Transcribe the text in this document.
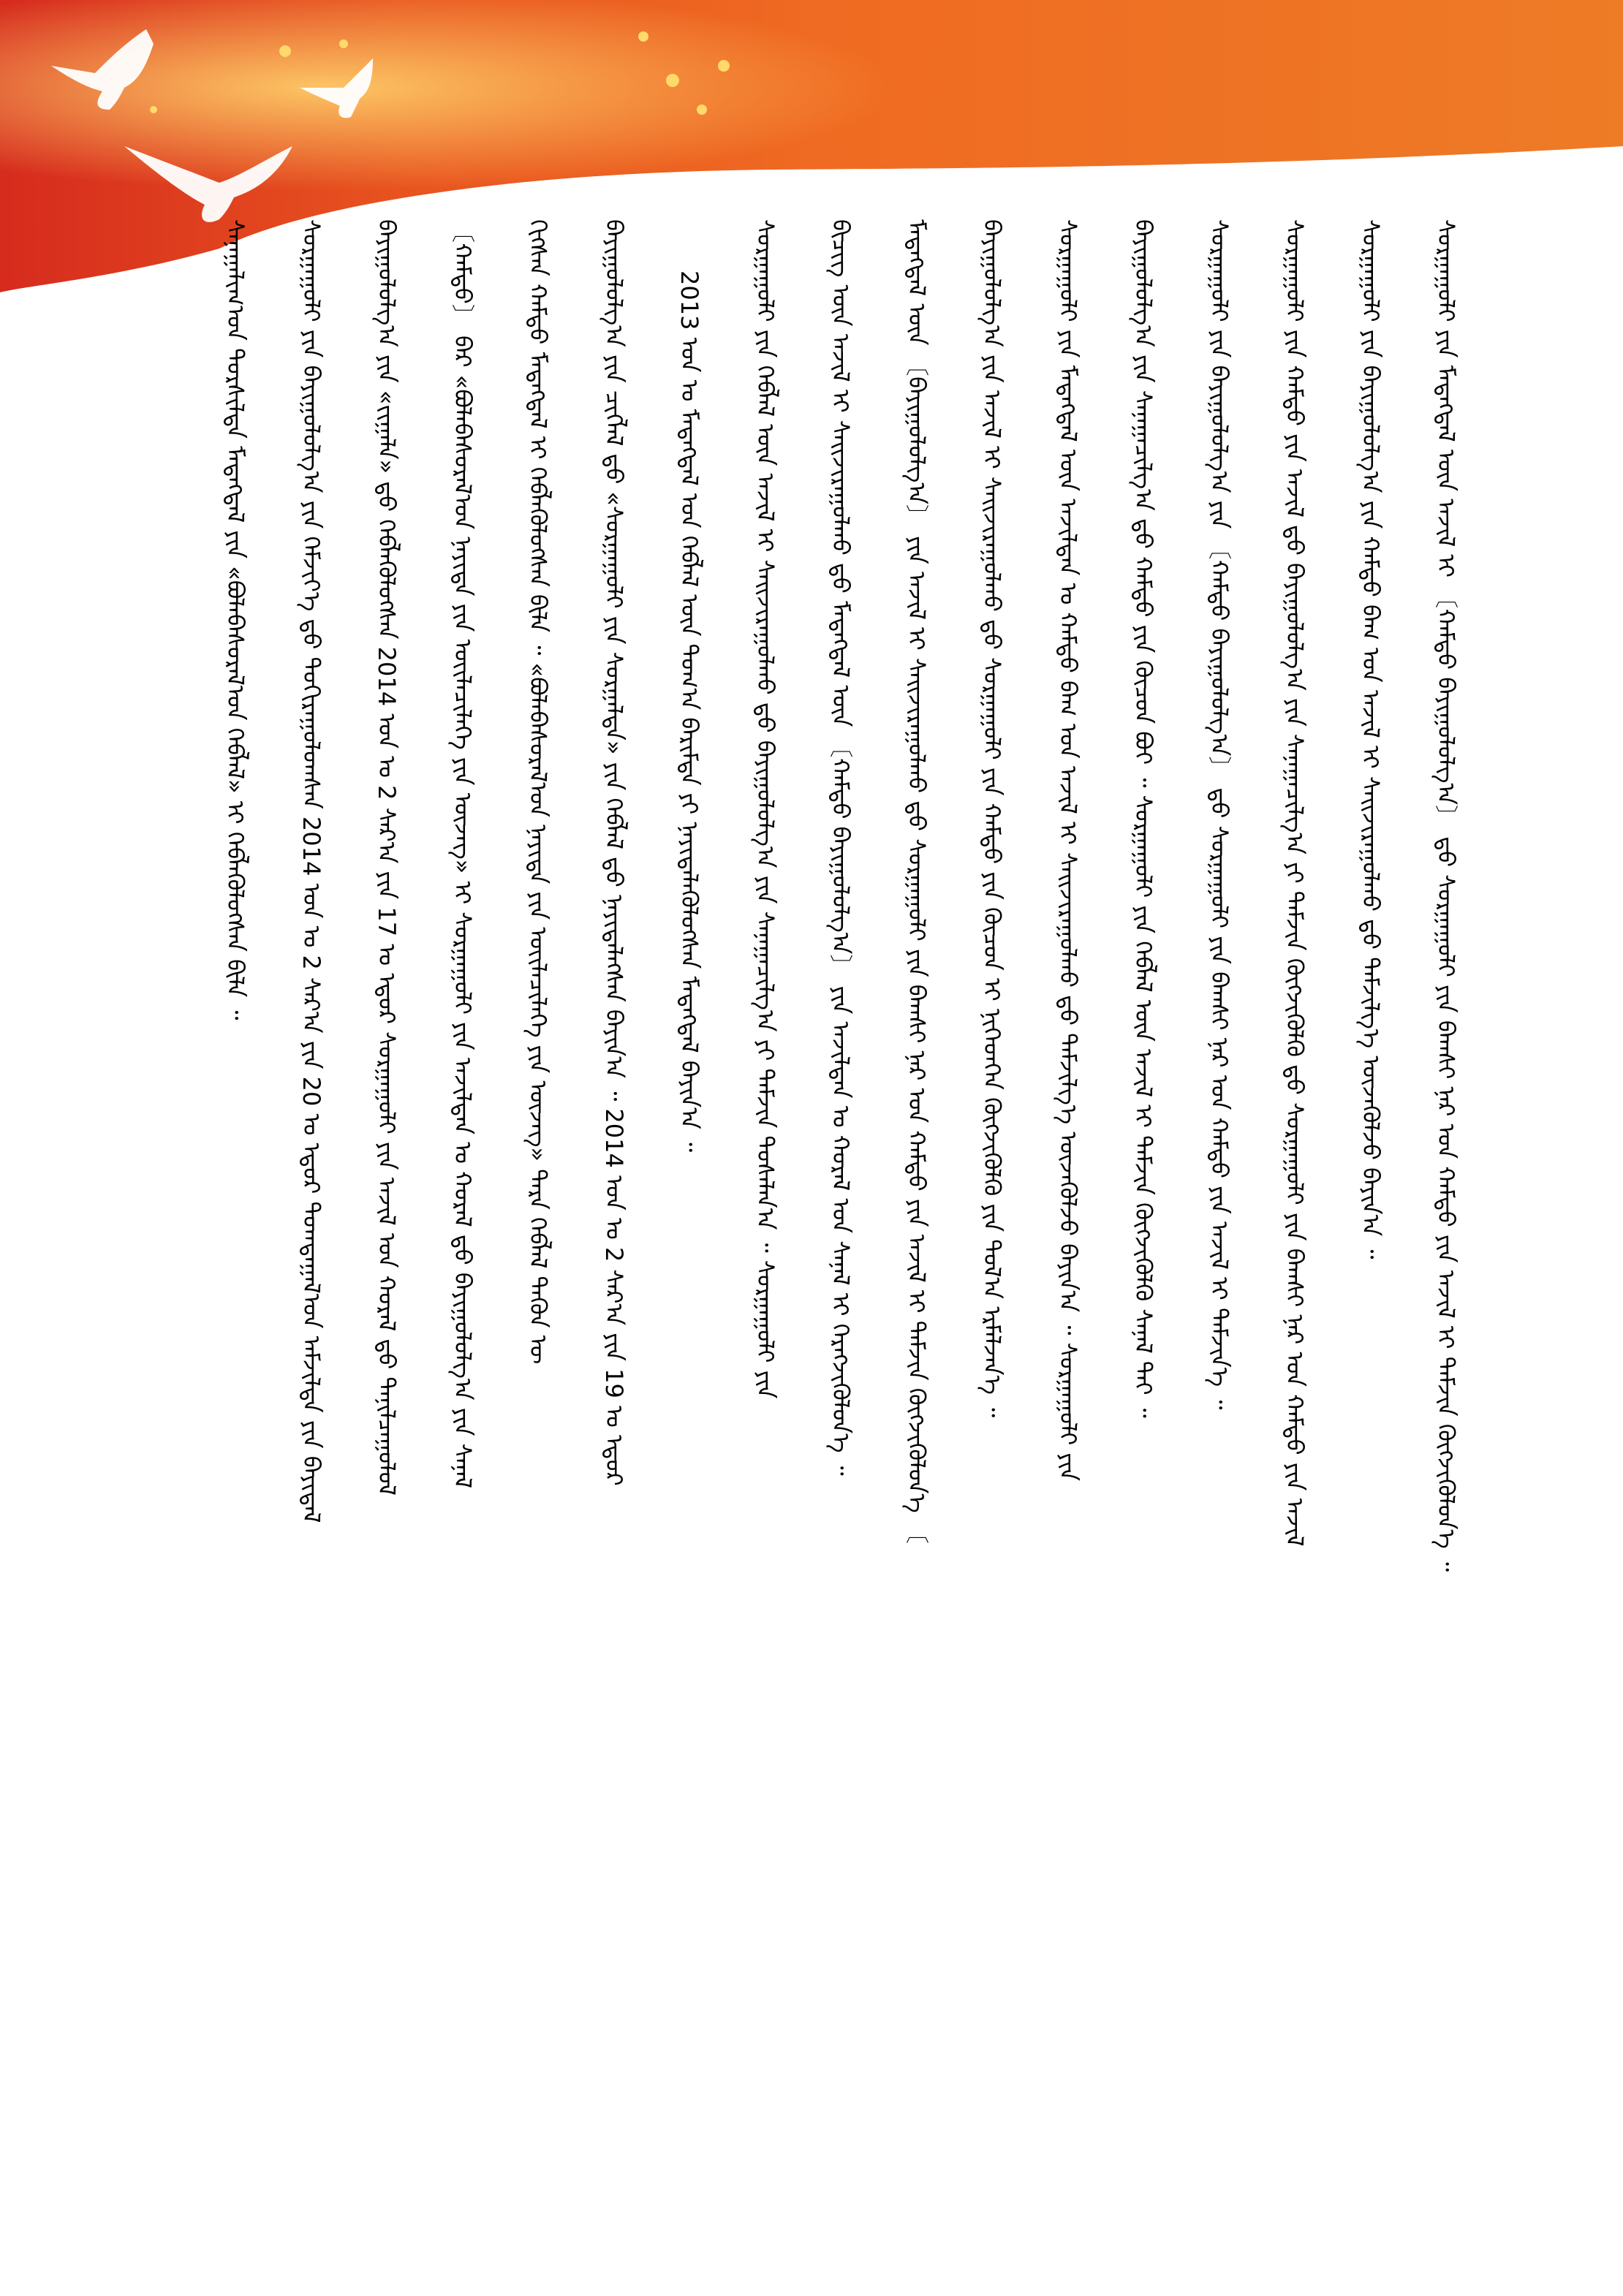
ᠰᠠᠨᠠᠭᠠᠯᠢᠭ᠎ᠤᠨ ᠲᠤᠷᠰᠢᠯᠲᠠ ᠮᠡᠳᠡᠭᠳᠡᠯ ᠶᠢᠨ «ᠪᠣᠯᠠᠪᠠᠰᠤᠷᠠᠯ᠎ᠤᠨ ᠬᠡᠪᠯᠡᠯ» ᠢ ᠬᠡᠪᠯᠡᠭᠦᠯᠦᠭᠰᠡᠨ ᠪᠢᠯᠡ ᠃ ᠰᠤᠷᠭᠠᠭᠤᠯᠢ ᠶᠢᠨ ᠪᠠᠶᠢᠭᠤᠯᠤᠯᠭ᠎ᠠ ᠶᠢᠨ ᠬᠡᠮᠵᠢᠶ᠎ᠡ ᠳ᠋ᠤ ᠲᠤᠬᠢᠷᠠᠭᠤᠯᠤᠭᠰᠠᠨ 2014 ᠣᠨ ᠤ 2 ᠰᠠᠷ᠎ᠠ ᠶᠢᠨ 20 ᠤ ᠡᠳᠦᠷ ᠲᠣᠭᠲᠠᠭᠠᠯ᠎ᠤᠨ ᠠᠮᠵᠢᠯᠲᠠ ᠶᠢᠨ ᠪᠠᠶᠢᠳᠠᠯ ᠪᠠᠶᠢᠭᠤᠯᠤᠯᠭ᠎ᠠ ᠶᠢᠨ «ᠵᠢᠭᠠᠯᠠ» ᠳ᠋ᠤ ᠬᠡᠪᠯᠡᠭᠦᠯᠦᠭᠰᠡᠨ 2014 ᠣᠨ ᠤ 2 ᠰᠠᠷ᠎ᠠ ᠶᠢᠨ 17 ᠤ ᠡᠳᠦᠷ ᠰᠤᠷᠭᠠᠭᠤᠯᠢ ᠶᠢᠨ ᠠᠵᠢᠯ ᠤᠨ ᠬᠤᠷᠠᠯ ᠳ᠋ᠤ ᠲᠠᠨᠢᠯᠴᠠᠭᠤᠯᠤᠯ 〔ᠬᠠᠮᠲᠤ〕 ᠪᠡᠷ «ᠪᠣᠯᠠᠪᠠᠰᠤᠷᠠᠯ᠎ᠤᠨ ᠨᠡᠶᠢᠲᠡ ᠶᠢᠨ ᠦᠢᠯᠡᠴᠢᠯᠡᠭᠡ ᠶᠢᠨ ᠦᠵᠡᠭ» ᠢ ᠰᠤᠷᠭᠠᠭᠤᠯᠢ ᠶᠢᠨ ᠠᠵᠢᠯᠲᠠᠨ ᠤ ᠬᠤᠷᠠᠯ ᠳ᠋ᠤ ᠪᠠᠶᠢᠭᠤᠯᠤᠯᠭ᠎ᠠ ᠶᠢᠨ ᠰᠠᠨᠠᠯ ᠬᠢᠭᠰᠡᠨ ᠬᠠᠮᠲᠤ ᠮᠡᠳᠡᠭᠳᠡᠯ ᠢ ᠬᠡᠪᠯᠡᠭᠦᠯᠦᠭᠰᠡᠨ ᠪᠢᠯᠡ ᠃ «ᠪᠣᠯᠠᠪᠠᠰᠤᠷᠠᠯ᠎ᠤᠨ ᠨᠡᠶᠢᠲᠡ ᠶᠢᠨ ᠦᠢᠯᠡᠴᠢᠯᠡᠭᠡ ᠶᠢᠨ ᠦᠵᠡᠭ» ᠲᠡᠷᠡ ᠬᠡᠪᠯᠡᠯ ᠲᠡᠭᠦᠨ ᠦ ᠪᠠᠶᠢᠭᠤᠯᠤᠯᠭ᠎ᠠ ᠶᠢᠨ ᠴᠢᠭᠯᠡᠯ ᠳ᠋ᠦ «ᠰᠤᠷᠭᠠᠭᠤᠯᠢ ᠶᠢᠨ ᠰᠤᠷᠭᠠᠯᠲᠠ» ᠶᠢᠨ ᠬᠡᠪᠯᠡᠯ ᠳ᠋ᠦ ᠨᠡᠶᠢᠲᠡᠯᠡᠭᠰᠡᠨ ᠪᠠᠶᠢᠨ᠎ᠠ ᠃ 2014 ᠣᠨ ᠤ 2 ᠰᠠᠷ᠎ᠠ ᠶᠢᠨ 19 ᠤ ᠡᠳᠦᠷ 2013 ᠣᠨ ᠤ ᠮᠡᠳᠡᠭᠳᠡᠯ ᠤᠨ ᠬᠡᠪᠯᠡᠯ ᠦᠨ ᠲᠣᠭ᠎ᠠ ᠪᠠᠷᠢᠮᠲᠠ ᠶᠢ ᠨᠡᠶᠢᠲᠡᠯᠡᠭᠦᠯᠦᠭᠰᠡᠨ ᠮᠡᠳᠡᠭᠳᠡᠯ ᠪᠠᠶᠢᠨ᠎ᠠ ᠃ ᠰᠤᠷᠭᠠᠭᠤᠯᠢ ᠶᠢᠨ ᠬᠡᠪᠯᠡᠯ ᠦᠨ ᠠᠵᠢᠯ ᠢ ᠰᠠᠢᠵᠢᠷᠠᠭᠤᠯᠬᠤ ᠳ᠋ᠤ ᠪᠠᠶᠢᠭᠤᠯᠤᠯᠭ᠎ᠠ ᠶᠢᠨ ᠰᠠᠨᠠᠭᠠᠴᠢᠯᠭ᠎ᠠ ᠶᠢ ᠳᠡᠮᠵᠢᠨ ᠲᠤᠰᠠᠯᠠᠨ᠎ᠠ ᠃ ᠰᠤᠷᠭᠠᠭᠤᠯᠢ ᠶᠢᠨ ᠪᠢᠴᠢᠭ ᠦᠨ ᠠᠵᠢᠯ ᠢ ᠰᠠᠢᠵᠢᠷᠠᠭᠤᠯᠬᠤ ᠳ᠋ᠤ ᠮᠡᠳᠡᠭᠳᠡᠯ ᠦᠨ 〔ᠬᠠᠮᠲᠤ ᠪᠠᠶᠢᠭᠤᠯᠤᠯᠭ᠎ᠠ〕 ᠶᠢᠨ ᠠᠵᠢᠯᠲᠠᠨ ᠤ ᠬᠤᠷᠠᠯ ᠤᠨ ᠰᠠᠨᠠᠯ ᠢ ᠬᠡᠷᠡᠭᠵᠢᠭᠦᠯᠦᠨ᠎ᠡ ᠃ ᠮᠡᠳᠡᠭᠳᠡᠯ ᠦᠨ 〔ᠪᠠᠶᠢᠭᠤᠯᠤᠯᠭ᠎ᠠ〕 ᠶᠢᠨ ᠠᠵᠢᠯ ᠢ ᠰᠠᠢᠵᠢᠷᠠᠭᠤᠯᠬᠤ ᠳ᠋ᠤ ᠰᠤᠷᠭᠠᠭᠤᠯᠢ ᠶᠢᠨ ᠪᠠᠭᠰᠢ ᠨᠠᠷ ᠤᠨ ᠬᠠᠮᠲᠤ ᠶᠢᠨ ᠠᠵᠢᠯ ᠢ ᠳᠡᠮᠵᠢᠨ ᠬᠦᠭᠵᠢᠭᠦᠯᠦᠨ᠎ᠡ 〔 ᠪᠠᠶᠢᠭᠤᠯᠤᠯᠭ᠎ᠠ ᠶᠢᠨ ᠠᠵᠢᠯ ᠢ ᠰᠠᠢᠵᠢᠷᠠᠭᠤᠯᠬᠤ ᠳ᠋ᠤ ᠰᠤᠷᠭᠠᠭᠤᠯᠢ ᠶᠢᠨ ᠬᠠᠮᠲᠤ ᠶᠢᠨ ᠬᠦᠴᠦᠨ ᠢ ᠨᠢᠭᠡᠳᠬᠡᠨ ᠬᠦᠭᠵᠢᠭᠦᠯᠬᠦ ᠶᠢᠨ ᠲᠤᠯ᠎ᠠ ᠡᠷᠮᠡᠯᠵᠡᠨ᠎ᠡ ᠃ ᠰᠤᠷᠭᠠᠭᠤᠯᠢ ᠶᠢᠨ ᠮᠡᠳᠡᠭᠳᠡᠯ ᠦᠨ ᠠᠵᠢᠯᠲᠠᠨ ᠤ ᠬᠠᠮᠲᠤ ᠪᠠᠭ ᠤᠨ ᠠᠵᠢᠯ ᠢ ᠰᠠᠢᠵᠢᠷᠠᠭᠤᠯᠬᠤ ᠳ᠋ᠤ ᠳᠡᠮᠵᠢᠯᠭ᠎ᠡ ᠦᠵᠡᠭᠦᠯᠵᠦ ᠪᠠᠶᠢᠨ᠎ᠠ ᠃ ᠰᠤᠷᠭᠠᠭᠤᠯᠢ ᠶᠢᠨ ᠪᠠᠶᠢᠭᠤᠯᠤᠯᠭ᠎ᠠ ᠶᠢᠨ ᠰᠠᠨᠠᠭᠠᠴᠢᠯᠭ᠎ᠠ ᠳ᠋ᠤ ᠬᠠᠮᠲᠤ ᠶᠢᠨ ᠬᠦᠴᠦᠨ ᠪᠤᠢ ᠃ ᠰᠤᠷᠭᠠᠭᠤᠯᠢ ᠶᠢᠨ ᠬᠡᠪᠯᠡᠯ ᠦᠨ ᠠᠵᠢᠯ ᠢ ᠳᠡᠮᠵᠢᠨ ᠬᠦᠭᠵᠢᠭᠦᠯᠬᠦ ᠰᠠᠨᠠᠯ ᠲᠠᠢ ᠃ ᠰᠤᠷᠭᠠᠭᠤᠯᠢ ᠶᠢᠨ ᠪᠠᠶᠢᠭᠤᠯᠤᠯᠭ᠎ᠠ ᠶᠢᠨ 〔ᠬᠠᠮᠲᠤ ᠪᠠᠶᠢᠭᠤᠯᠤᠯᠭ᠎ᠠ〕 ᠳ᠋ᠤ ᠰᠤᠷᠭᠠᠭᠤᠯᠢ ᠶᠢᠨ ᠪᠠᠭᠰᠢ ᠨᠠᠷ ᠤᠨ ᠬᠠᠮᠲᠤ ᠶᠢᠨ ᠠᠵᠢᠯ ᠢ ᠳᠡᠮᠵᠢᠨ᠎ᠡ ᠃ ᠰᠤᠷᠭᠠᠭᠤᠯᠢ ᠶᠢᠨ ᠬᠠᠮᠲᠤ ᠶᠢᠨ ᠠᠵᠢᠯ ᠳ᠋ᠤ ᠪᠠᠶᠢᠭᠤᠯᠤᠯᠭ᠎ᠠ ᠶᠢᠨ ᠰᠠᠨᠠᠭᠠᠴᠢᠯᠭ᠎ᠠ ᠶᠢ ᠳᠡᠮᠵᠢᠨ ᠬᠦᠭᠵᠢᠭᠦᠯᠬᠦ ᠳ᠋ᠤ ᠰᠤᠷᠭᠠᠭᠤᠯᠢ ᠶᠢᠨ ᠪᠠᠭᠰᠢ ᠨᠠᠷ ᠤᠨ ᠬᠠᠮᠲᠤ ᠶᠢᠨ ᠠᠵᠢᠯ ᠰᠤᠷᠭᠠᠭᠤᠯᠢ ᠶᠢᠨ ᠪᠠᠶᠢᠭᠤᠯᠤᠯᠭ᠎ᠠ ᠶᠢᠨ ᠬᠠᠮᠲᠤ ᠪᠠᠭ ᠤᠨ ᠠᠵᠢᠯ ᠢ ᠰᠠᠢᠵᠢᠷᠠᠭᠤᠯᠬᠤ ᠳ᠋ᠤ ᠳᠡᠮᠵᠢᠯᠭ᠎ᠡ ᠦᠵᠡᠭᠦᠯᠵᠦ ᠪᠠᠶᠢᠨ᠎ᠠ ᠃ ᠰᠤᠷᠭᠠᠭᠤᠯᠢ ᠶᠢᠨ ᠮᠡᠳᠡᠭᠳᠡᠯ ᠦᠨ ᠠᠵᠢᠯ ᠢ 〔ᠬᠠᠮᠲᠤ ᠪᠠᠶᠢᠭᠤᠯᠤᠯᠭ᠎ᠠ〕 ᠳ᠋ᠤ ᠰᠤᠷᠭᠠᠭᠤᠯᠢ ᠶᠢᠨ ᠪᠠᠭᠰᠢ ᠨᠠᠷ ᠤᠨ ᠬᠠᠮᠲᠤ ᠶᠢᠨ ᠠᠵᠢᠯ ᠢ ᠳᠡᠮᠵᠢᠨ ᠬᠦᠭᠵᠢᠭᠦᠯᠦᠨ᠎ᠡ ᠃
